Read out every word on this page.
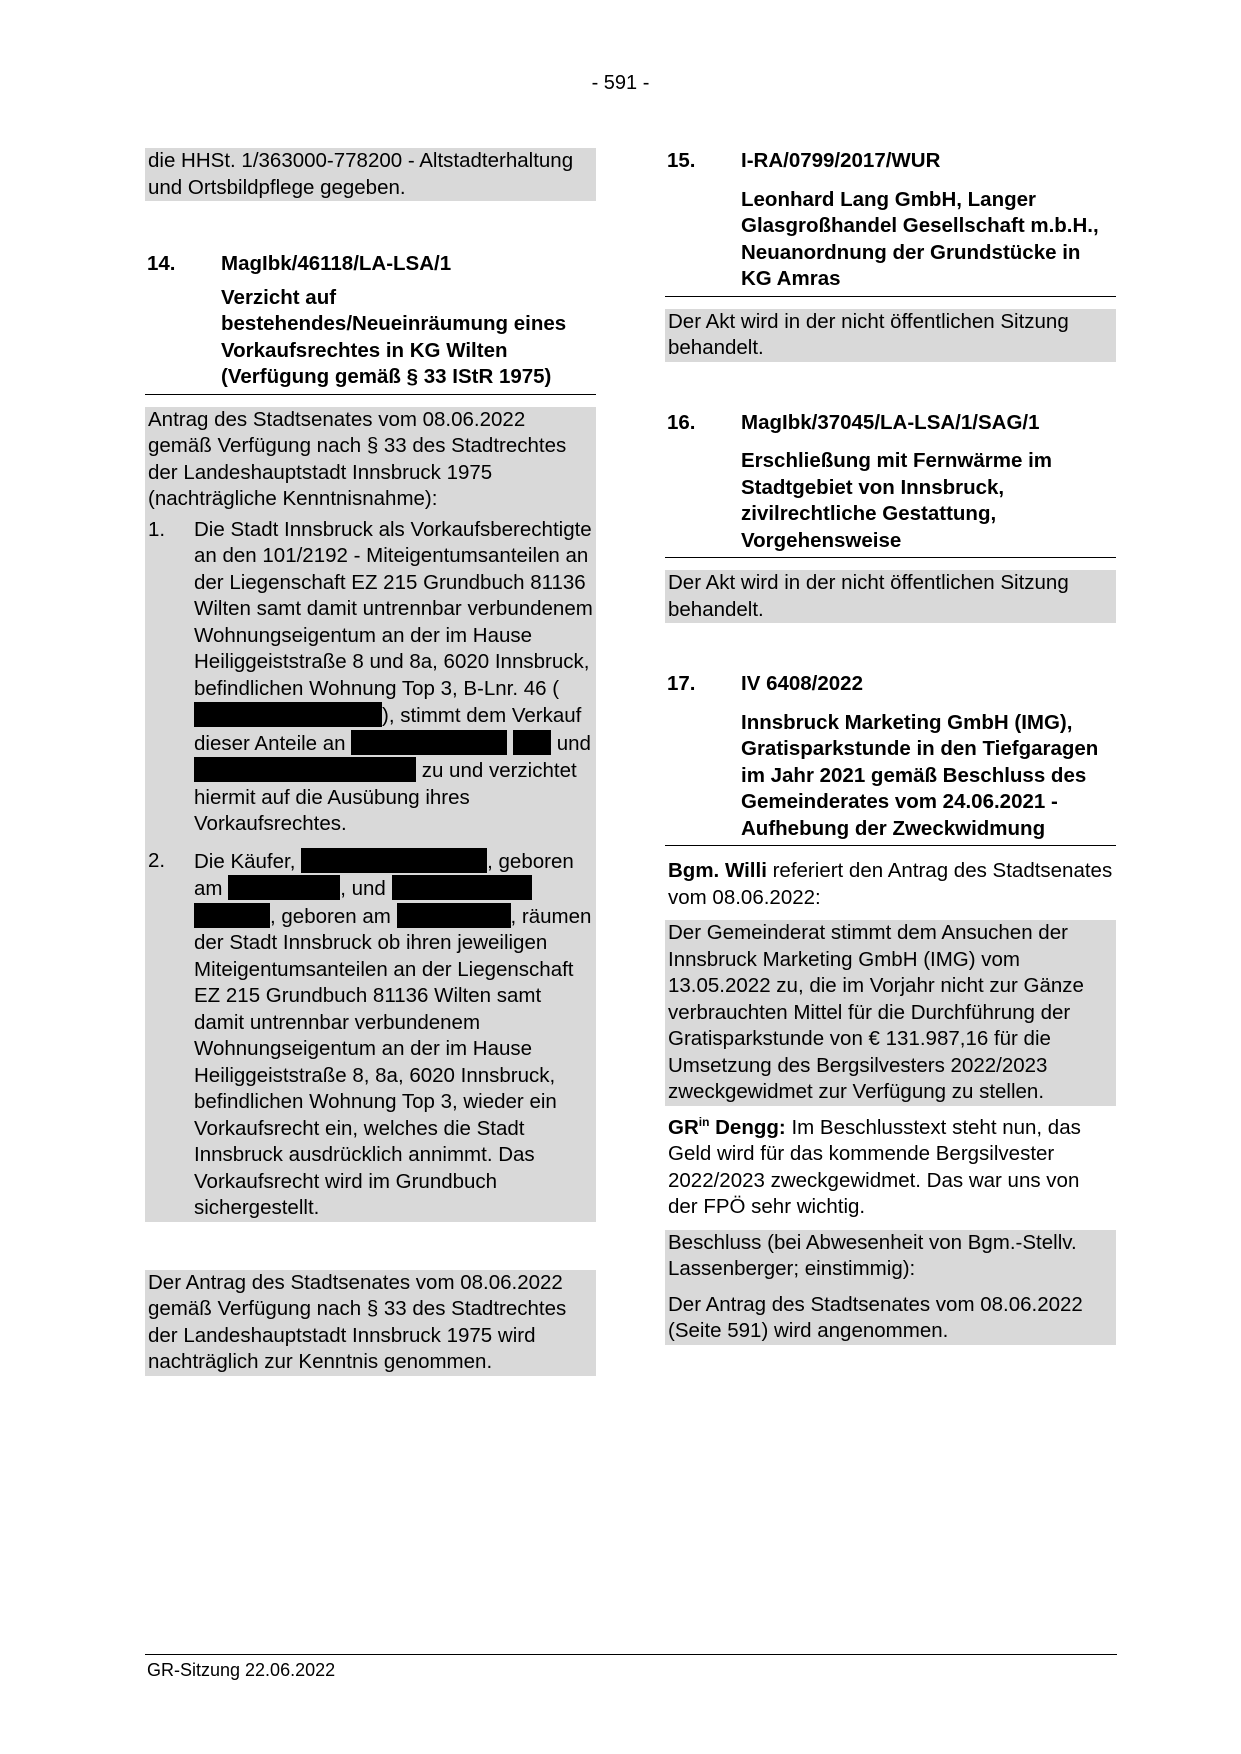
- 591 -
die HHSt. 1/363000-778200 - Altstadterhaltung und Ortsbildpflege gegeben.
14.	MagIbk/46118/LA-LSA/1
Verzicht auf bestehendes/Neueinräumung eines Vorkaufsrechtes in KG Wilten (Verfügung gemäß § 33 IStR 1975)
Antrag des Stadtsenates vom 08.06.2022 gemäß Verfügung nach § 33 des Stadtrechtes der Landeshauptstadt Innsbruck 1975 (nachträgliche Kenntnisnahme):
1.	Die Stadt Innsbruck als Vorkaufsberechtigte an den 101/2192 - Miteigentumsanteilen an der Liegenschaft EZ 215 Grundbuch 81136 Wilten samt damit untrennbar verbundenem Wohnungseigentum an der im Hause Heiliggeiststraße 8 und 8a, 6020 Innsbruck, befindlichen Wohnung Top 3, B-Lnr. 46 (), stimmt dem Verkauf dieser Anteile an	und  zu und verzichtet hiermit auf die Ausübung ihres Vorkaufsrechtes.
2.	Die Käufer,	, geboren am	, und  , geboren am	, räumen der Stadt Innsbruck ob ihren jeweiligen Miteigentumsanteilen an der Liegenschaft EZ 215 Grundbuch 81136 Wilten samt damit untrennbar verbundenem Wohnungseigentum an der im Hause Heiliggeiststraße 8, 8a, 6020 Innsbruck, befindlichen Wohnung Top 3, wieder ein Vorkaufsrecht ein, welches die Stadt Innsbruck ausdrücklich annimmt. Das Vorkaufsrecht wird im Grundbuch sichergestellt.
Der Antrag des Stadtsenates vom 08.06.2022 gemäß Verfügung nach § 33 des Stadtrechtes der Landeshauptstadt Innsbruck 1975 wird nachträglich zur Kenntnis genommen.
15.	I-RA/0799/2017/WUR
Leonhard Lang GmbH, Langer Glasgroßhandel Gesellschaft m.b.H., Neuanordnung der Grundstücke in KG Amras
Der Akt wird in der nicht öffentlichen Sitzung behandelt.
16.	MagIbk/37045/LA-LSA/1/SAG/1
Erschließung mit Fernwärme im Stadtgebiet von Innsbruck, zivilrechtliche Gestattung, Vorgehensweise
Der Akt wird in der nicht öffentlichen Sitzung behandelt.
17.	IV 6408/2022
Innsbruck Marketing GmbH (IMG), Gratisparkstunde in den Tiefgaragen im Jahr 2021 gemäß Beschluss des Gemeinderates vom 24.06.2021 - Aufhebung der Zweckwidmung
Bgm. Willi referiert den Antrag des Stadtsenates vom 08.06.2022:
Der Gemeinderat stimmt dem Ansuchen der Innsbruck Marketing GmbH (IMG) vom 13.05.2022 zu, die im Vorjahr nicht zur Gänze verbrauchten Mittel für die Durchführung der Gratisparkstunde von € 131.987,16 für die Umsetzung des Bergsilvesters 2022/2023 zweckgewidmet zur Verfügung zu stellen.
$GR^{in}$ Dengg: Im Beschlusstext steht nun, das Geld wird für das kommende Bergsilvester 2022/2023 zweckgewidmet. Das war uns von der FPÖ sehr wichtig.
Beschluss (bei Abwesenheit von Bgm.-Stellv. Lassenberger; einstimmig):
Der Antrag des Stadtsenates vom 08.06.2022 (Seite 591) wird angenommen.
GR-Sitzung 22.06.2022
